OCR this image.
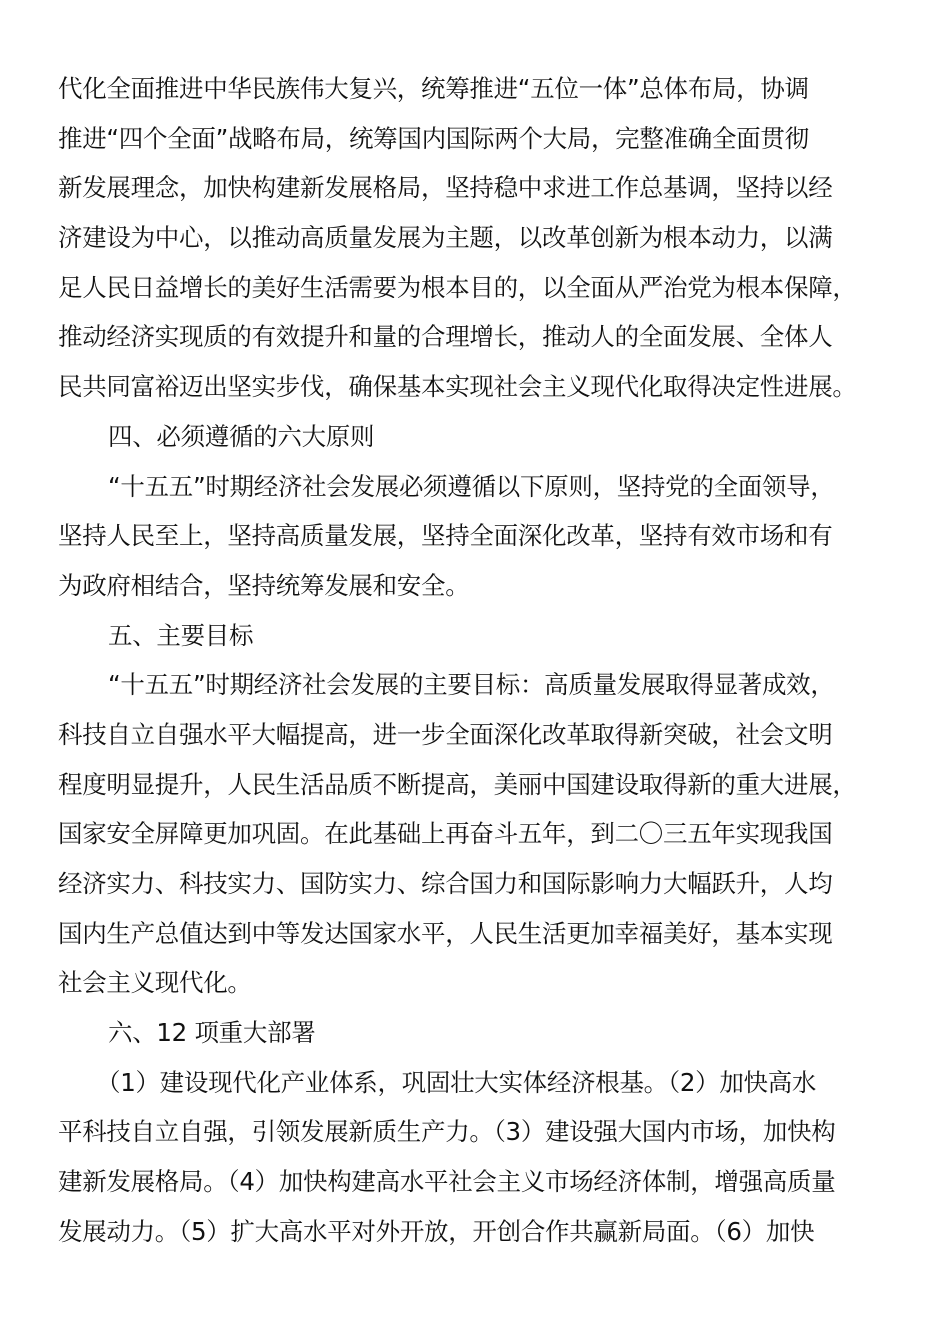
代化全面推进中华民族伟大复兴，统筹推进“五位一体”总体布局，协调
推进“四个全面”战略布局，统筹国内国际两个大局，完整准确全面贯彻
新发展理念，加快构建新发展格局，坚持稳中求进工作总基调，坚持以经
济建设为中心，以推动高质量发展为主题，以改革创新为根本动力，以满
足人民日益增长的美好生活需要为根本目的，以全面从严治党为根本保障，
推动经济实现质的有效提升和量的合理增长，推动人的全面发展、全体人
民共同富裕迈出坚实步伐，确保基本实现社会主义现代化取得决定性进展。
四、必须遵循的六大原则
“十五五”时期经济社会发展必须遵循以下原则，坚持党的全面领导，
坚持人民至上，坚持高质量发展，坚持全面深化改革，坚持有效市场和有
为政府相结合，坚持统筹发展和安全。
五、主要目标
“十五五”时期经济社会发展的主要目标：高质量发展取得显著成效，
科技自立自强水平大幅提高，进一步全面深化改革取得新突破，社会文明
程度明显提升，人民生活品质不断提高，美丽中国建设取得新的重大进展，
国家安全屏障更加巩固。在此基础上再奋斗五年，到二〇三五年实现我国
经济实力、科技实力、国防实力、综合国力和国际影响力大幅跃升，人均
国内生产总值达到中等发达国家水平，人民生活更加幸福美好，基本实现
社会主义现代化。
六、12 项重大部署
（1）建设现代化产业体系，巩固壮大实体经济根基。（2）加快高水
平科技自立自强，引领发展新质生产力。（3）建设强大国内市场，加快构
建新发展格局。（4）加快构建高水平社会主义市场经济体制，增强高质量
发展动力。（5）扩大高水平对外开放，开创合作共赢新局面。（6）加快
